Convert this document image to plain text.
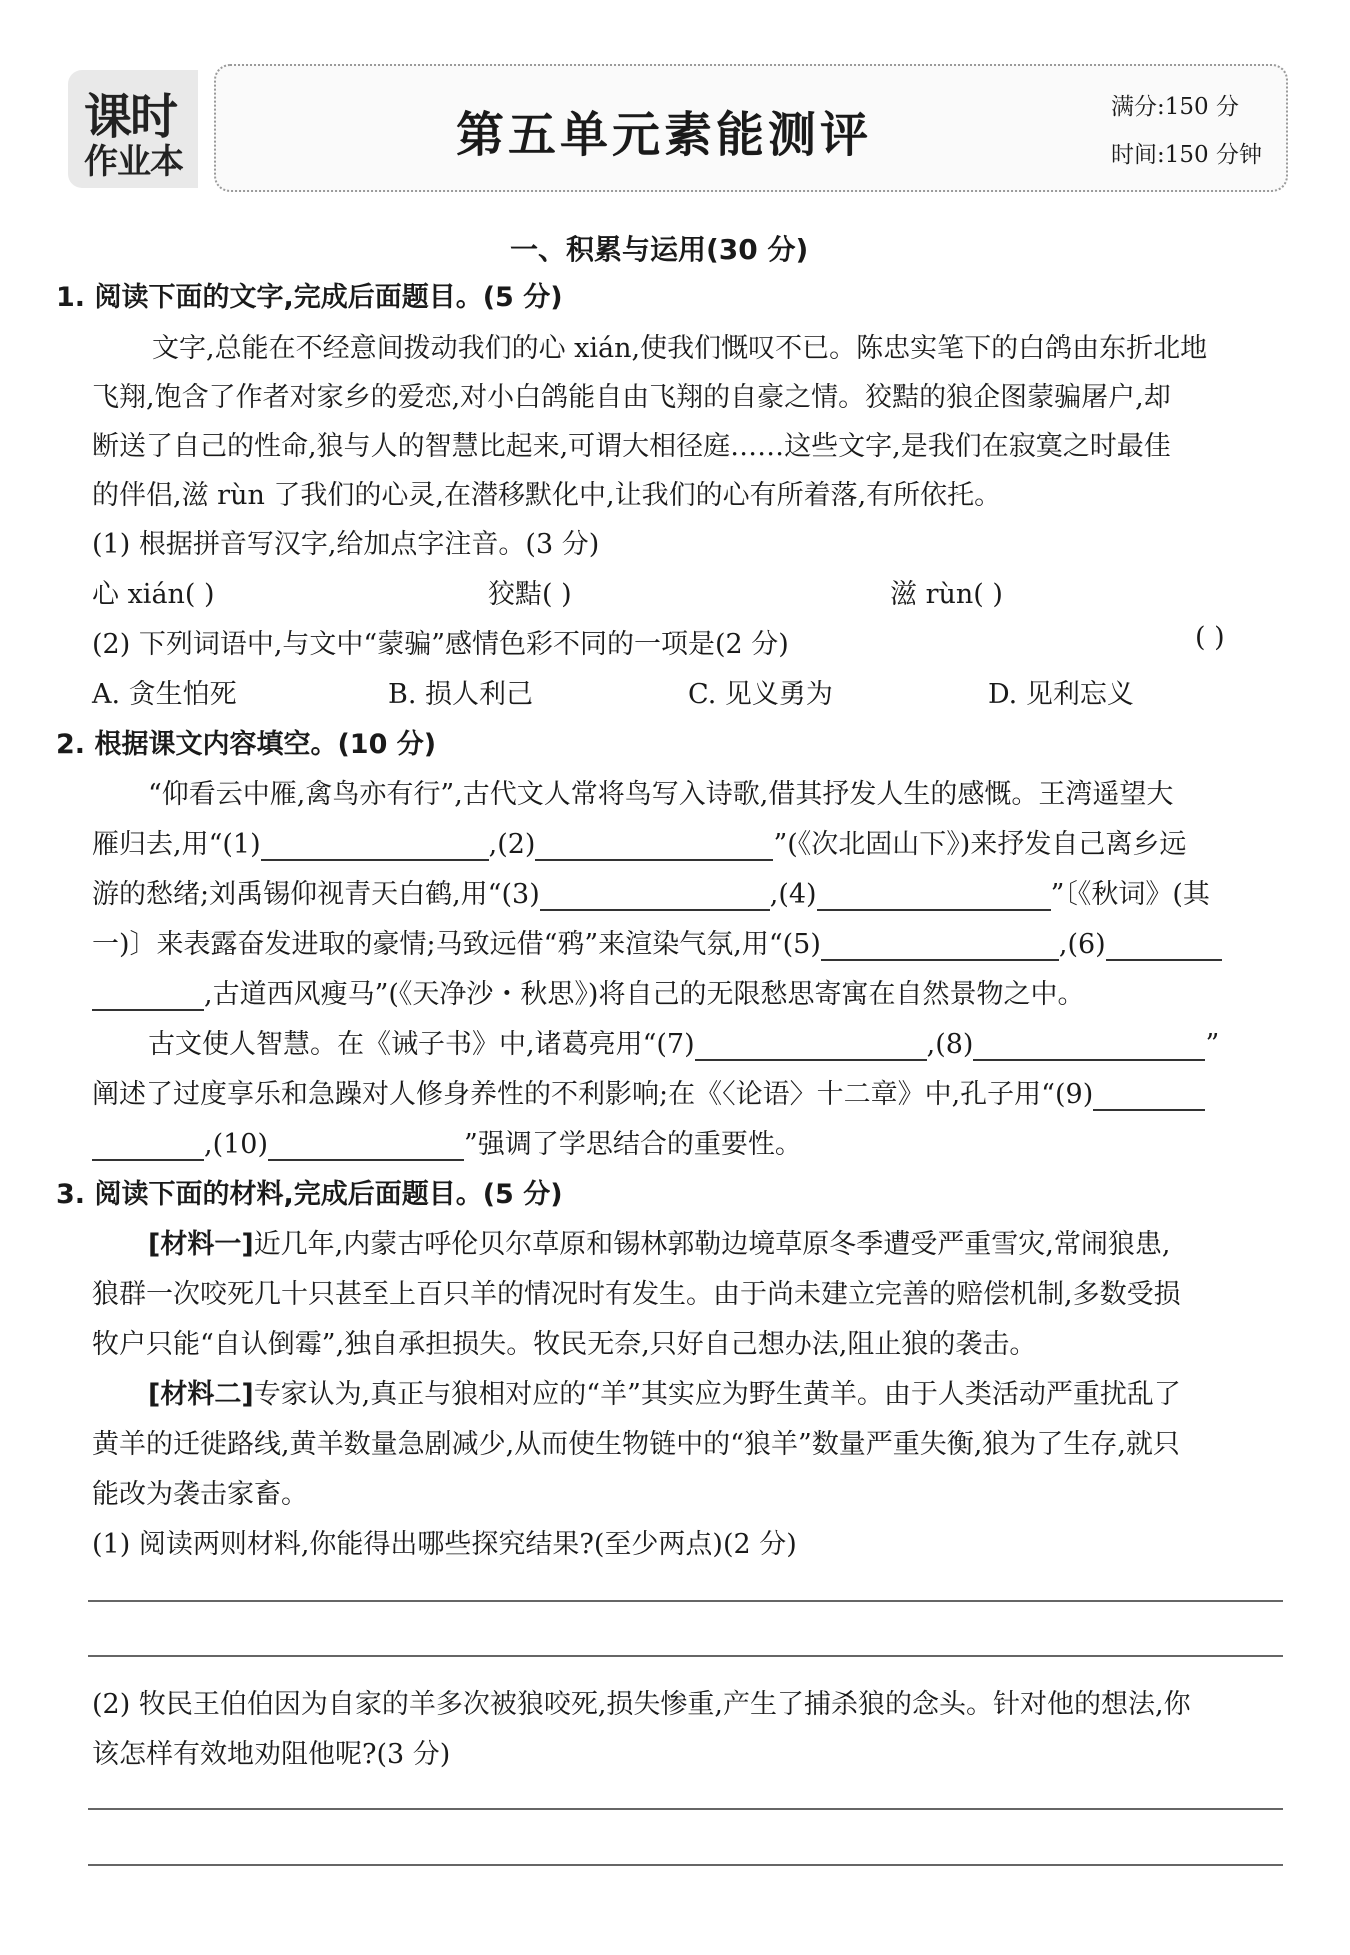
课时
作业本	第五单元素能测评	满分:150 分
时间:150 分钟
一、积累与运用(30 分)
1. 阅读下面的文字,完成后面题目。(5 分)
文字,总能在不经意间拨动我们的心 xián,使我们慨叹不已。陈忠实笔下的白鸽由东折北地
飞翔,饱含了作者对家乡的爱恋,对小白鸽能自由飞翔的自豪之情。狡黠的狼企图蒙骗屠户,却
断送了自己的性命,狼与人的智慧比起来,可谓大相径庭……这些文字,是我们在寂寞之时最佳
的伴侣,滋 rùn 了我们的心灵,在潜移默化中,让我们的心有所着落,有所依托。
(1) 根据拼音写汉字,给加点字注音。(3 分)
心 xián( )	狡黠( )	滋 rùn( )
(2) 下列词语中,与文中“蒙骗”感情色彩不同的一项是(2 分)	( )
A. 贪生怕死	B. 损人利己	C. 见义勇为	D. 见利忘义
2. 根据课文内容填空。(10 分)
“仰看云中雁,禽鸟亦有行”,古代文人常将鸟写入诗歌,借其抒发人生的感慨。王湾遥望大
雁归去,用“(1)	,(2)	”(《次北固山下》)来抒发自己离乡远
游的愁绪;刘禹锡仰视青天白鹤,用“(3)	,(4)	”〔《秋词》(其
一)〕来表露奋发进取的豪情;马致远借“鸦”来渲染气氛,用“(5)	,(6)
,古道西风瘦马”(《天净沙・秋思》)将自己的无限愁思寄寓在自然景物之中。
古文使人智慧。在《诫子书》中,诸葛亮用“(7)	,(8)	”
阐述了过度享乐和急躁对人修身养性的不利影响;在《〈论语〉十二章》中,孔子用“(9)
,(10)	”强调了学思结合的重要性。
3. 阅读下面的材料,完成后面题目。(5 分)
[材料一]近几年,内蒙古呼伦贝尔草原和锡林郭勒边境草原冬季遭受严重雪灾,常闹狼患,
狼群一次咬死几十只甚至上百只羊的情况时有发生。由于尚未建立完善的赔偿机制,多数受损
牧户只能“自认倒霉”,独自承担损失。牧民无奈,只好自己想办法,阻止狼的袭击。
[材料二]专家认为,真正与狼相对应的“羊”其实应为野生黄羊。由于人类活动严重扰乱了
黄羊的迁徙路线,黄羊数量急剧减少,从而使生物链中的“狼羊”数量严重失衡,狼为了生存,就只
能改为袭击家畜。
(1) 阅读两则材料,你能得出哪些探究结果?(至少两点)(2 分)
(2) 牧民王伯伯因为自家的羊多次被狼咬死,损失惨重,产生了捕杀狼的念头。针对他的想法,你
该怎样有效地劝阻他呢?(3 分)
